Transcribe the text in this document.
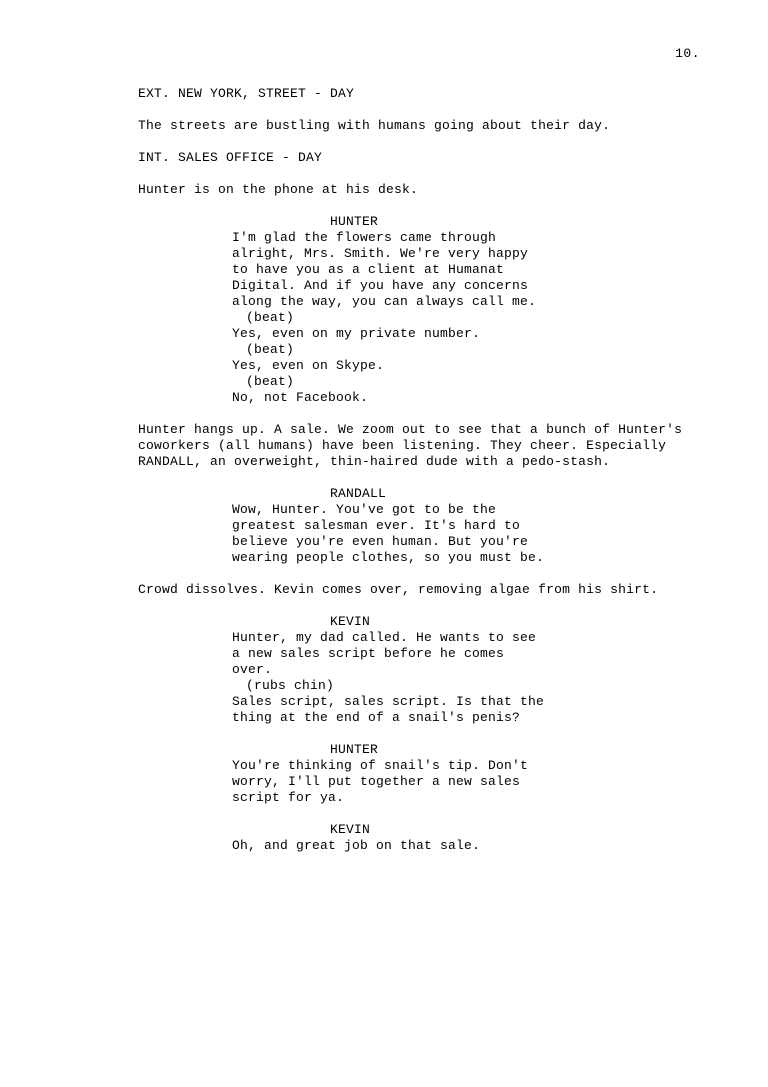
10.

EXT. NEW YORK, STREET - DAY

The streets are bustling with humans going about their day.

INT. SALES OFFICE - DAY

Hunter is on the phone at his desk.

HUNTER

I'm glad the flowers came through alright, Mrs. Smith. We're very happy to have you as a client at Humanat Digital. And if you have any concerns along the way, you can always call me.

(beat)

Yes, even on my private number.

(beat)

Yes, even on Skype.

(beat)

No, not Facebook.

Hunter hangs up. A sale. We zoom out to see that a bunch of Hunter's coworkers (all humans) have been listening. They cheer. Especially RANDALL, an overweight, thin-haired dude with a pedo-stash.

RANDALL

Wow, Hunter. You've got to be the greatest salesman ever. It's hard to believe you're even human. But you're wearing people clothes, so you must be.

Crowd dissolves. Kevin comes over, removing algae from his shirt.

KEVIN

Hunter, my dad called. He wants to see a new sales script before he comes over.

(rubs chin)

Sales script, sales script. Is that the thing at the end of a snail's penis?

HUNTER

You're thinking of snail's tip. Don't worry, I'll put together a new sales script for ya.

KEVIN

Oh, and great job on that sale.
